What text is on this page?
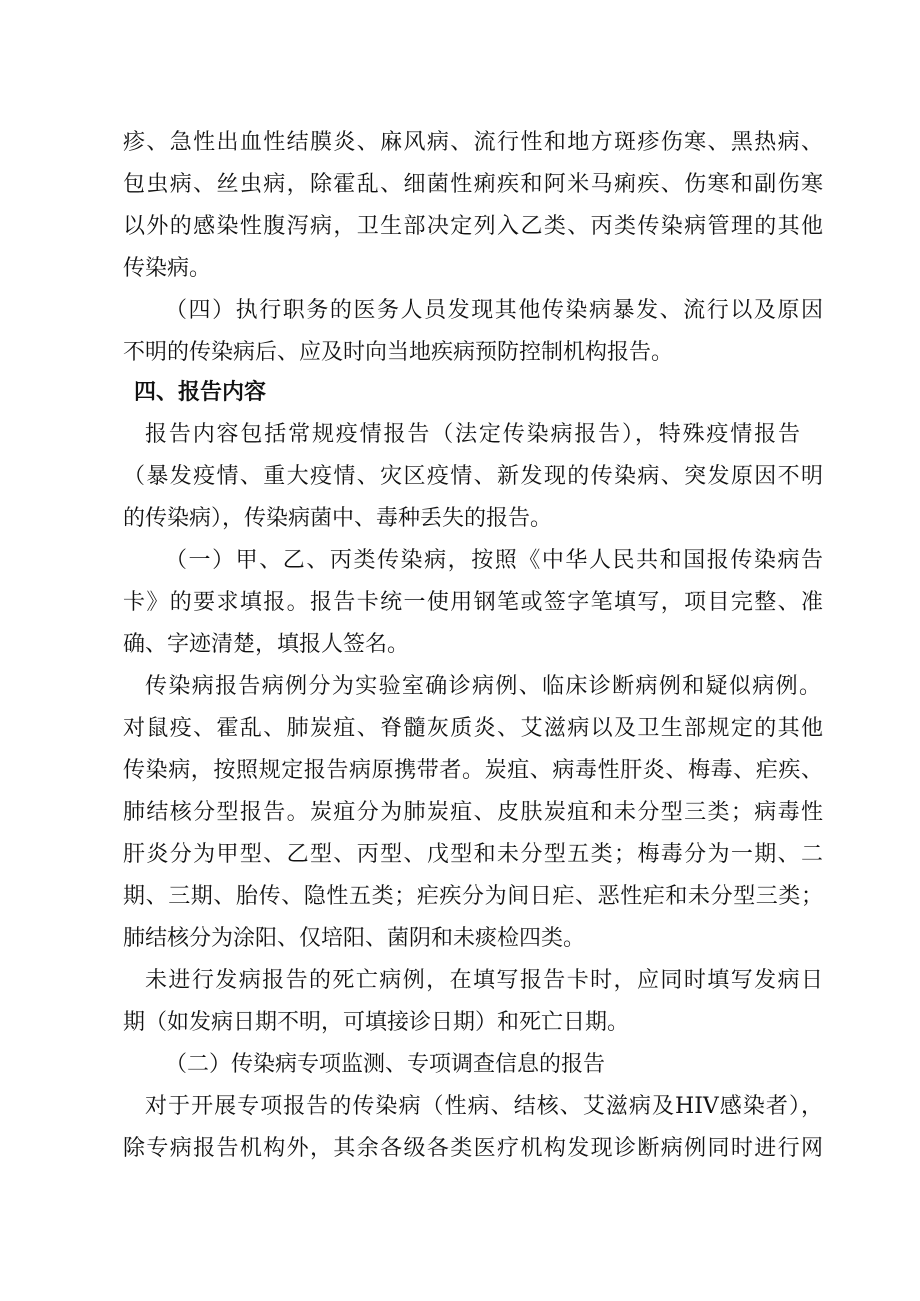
疹、急性出血性结膜炎、麻风病、流行性和地方斑疹伤寒、黑热病、
包虫病、丝虫病，除霍乱、细菌性痢疾和阿米马痢疾、伤寒和副伤寒
以外的感染性腹泻病，卫生部决定列入乙类、丙类传染病管理的其他
传染病。
（四）执行职务的医务人员发现其他传染病暴发、流行以及原因
不明的传染病后、应及时向当地疾病预防控制机构报告。
四、报告内容
报告内容包括常规疫情报告（法定传染病报告），特殊疫情报告
（暴发疫情、重大疫情、灾区疫情、新发现的传染病、突发原因不明
的传染病），传染病菌中、毒种丢失的报告。
（一）甲、乙、丙类传染病，按照《中华人民共和国报传染病告
卡》的要求填报。报告卡统一使用钢笔或签字笔填写，项目完整、准
确、字迹清楚，填报人签名。
传染病报告病例分为实验室确诊病例、临床诊断病例和疑似病例。
对鼠疫、霍乱、肺炭疽、脊髓灰质炎、艾滋病以及卫生部规定的其他
传染病，按照规定报告病原携带者。炭疽、病毒性肝炎、梅毒、疟疾、
肺结核分型报告。炭疽分为肺炭疽、皮肤炭疽和未分型三类；病毒性
肝炎分为甲型、乙型、丙型、戊型和未分型五类；梅毒分为一期、二
期、三期、胎传、隐性五类；疟疾分为间日疟、恶性疟和未分型三类；
肺结核分为涂阳、仅培阳、菌阴和未痰检四类。
未进行发病报告的死亡病例，在填写报告卡时，应同时填写发病日
期（如发病日期不明，可填接诊日期）和死亡日期。
（二）传染病专项监测、专项调查信息的报告
对于开展专项报告的传染病（性病、结核、艾滋病及HIV感染者），
除专病报告机构外，其余各级各类医疗机构发现诊断病例同时进行网
